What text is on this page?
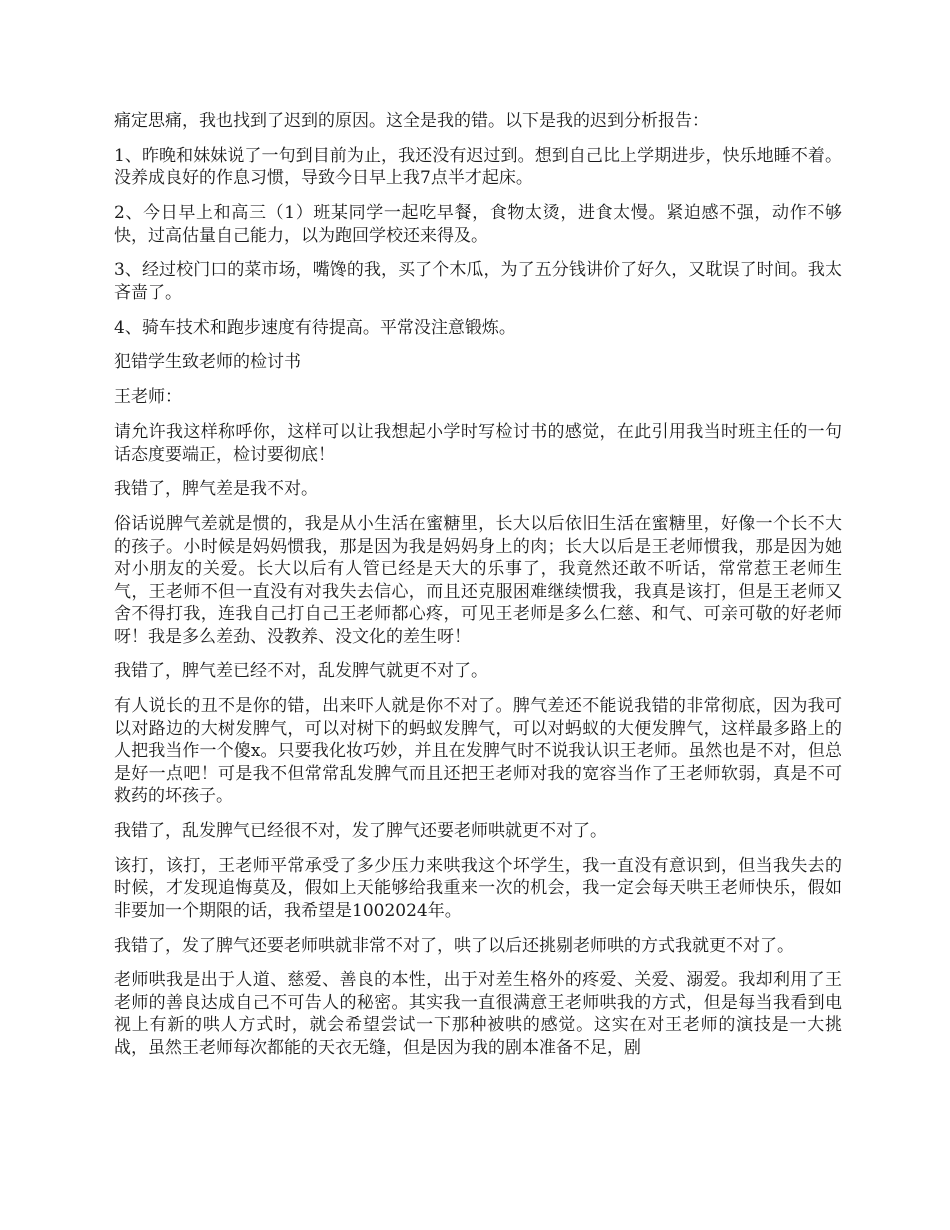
痛定思痛，我也找到了迟到的原因。这全是我的错。以下是我的迟到分析报告：

1、昨晚和妹妹说了一句到目前为止，我还没有迟过到。想到自己比上学期进步，快乐地睡不着。没养成良好的作息习惯，导致今日早上我7点半才起床。

2、今日早上和高三（1）班某同学一起吃早餐，食物太烫，进食太慢。紧迫感不强，动作不够快，过高估量自己能力，以为跑回学校还来得及。

3、经过校门口的菜市场，嘴馋的我，买了个木瓜，为了五分钱讲价了好久，又耽误了时间。我太吝啬了。

4、骑车技术和跑步速度有待提高。平常没注意锻炼。

犯错学生致老师的检讨书

王老师：

请允许我这样称呼你，这样可以让我想起小学时写检讨书的感觉，在此引用我当时班主任的一句话态度要端正，检讨要彻底！

我错了，脾气差是我不对。

俗话说脾气差就是惯的，我是从小生活在蜜糖里，长大以后依旧生活在蜜糖里，好像一个长不大的孩子。小时候是妈妈惯我，那是因为我是妈妈身上的肉；长大以后是王老师惯我，那是因为她对小朋友的关爱。长大以后有人管已经是天大的乐事了，我竟然还敢不听话，常常惹王老师生气，王老师不但一直没有对我失去信心，而且还克服困难继续惯我，我真是该打，但是王老师又舍不得打我，连我自己打自己王老师都心疼，可见王老师是多么仁慈、和气、可亲可敬的好老师呀！我是多么差劲、没教养、没文化的差生呀！

我错了，脾气差已经不对，乱发脾气就更不对了。

有人说长的丑不是你的错，出来吓人就是你不对了。脾气差还不能说我错的非常彻底，因为我可以对路边的大树发脾气，可以对树下的蚂蚁发脾气，可以对蚂蚁的大便发脾气，这样最多路上的人把我当作一个傻x。只要我化妆巧妙，并且在发脾气时不说我认识王老师。虽然也是不对，但总是好一点吧！可是我不但常常乱发脾气而且还把王老师对我的宽容当作了王老师软弱，真是不可救药的坏孩子。

我错了，乱发脾气已经很不对，发了脾气还要老师哄就更不对了。

该打，该打，王老师平常承受了多少压力来哄我这个坏学生，我一直没有意识到，但当我失去的时候，才发现追悔莫及，假如上天能够给我重来一次的机会，我一定会每天哄王老师快乐，假如非要加一个期限的话，我希望是1002024年。

我错了，发了脾气还要老师哄就非常不对了，哄了以后还挑剔老师哄的方式我就更不对了。

老师哄我是出于人道、慈爱、善良的本性，出于对差生格外的疼爱、关爱、溺爱。我却利用了王老师的善良达成自己不可告人的秘密。其实我一直很满意王老师哄我的方式，但是每当我看到电视上有新的哄人方式时，就会希望尝试一下那种被哄的感觉。这实在对王老师的演技是一大挑战，虽然王老师每次都能的天衣无缝，但是因为我的剧本准备不足，剧
